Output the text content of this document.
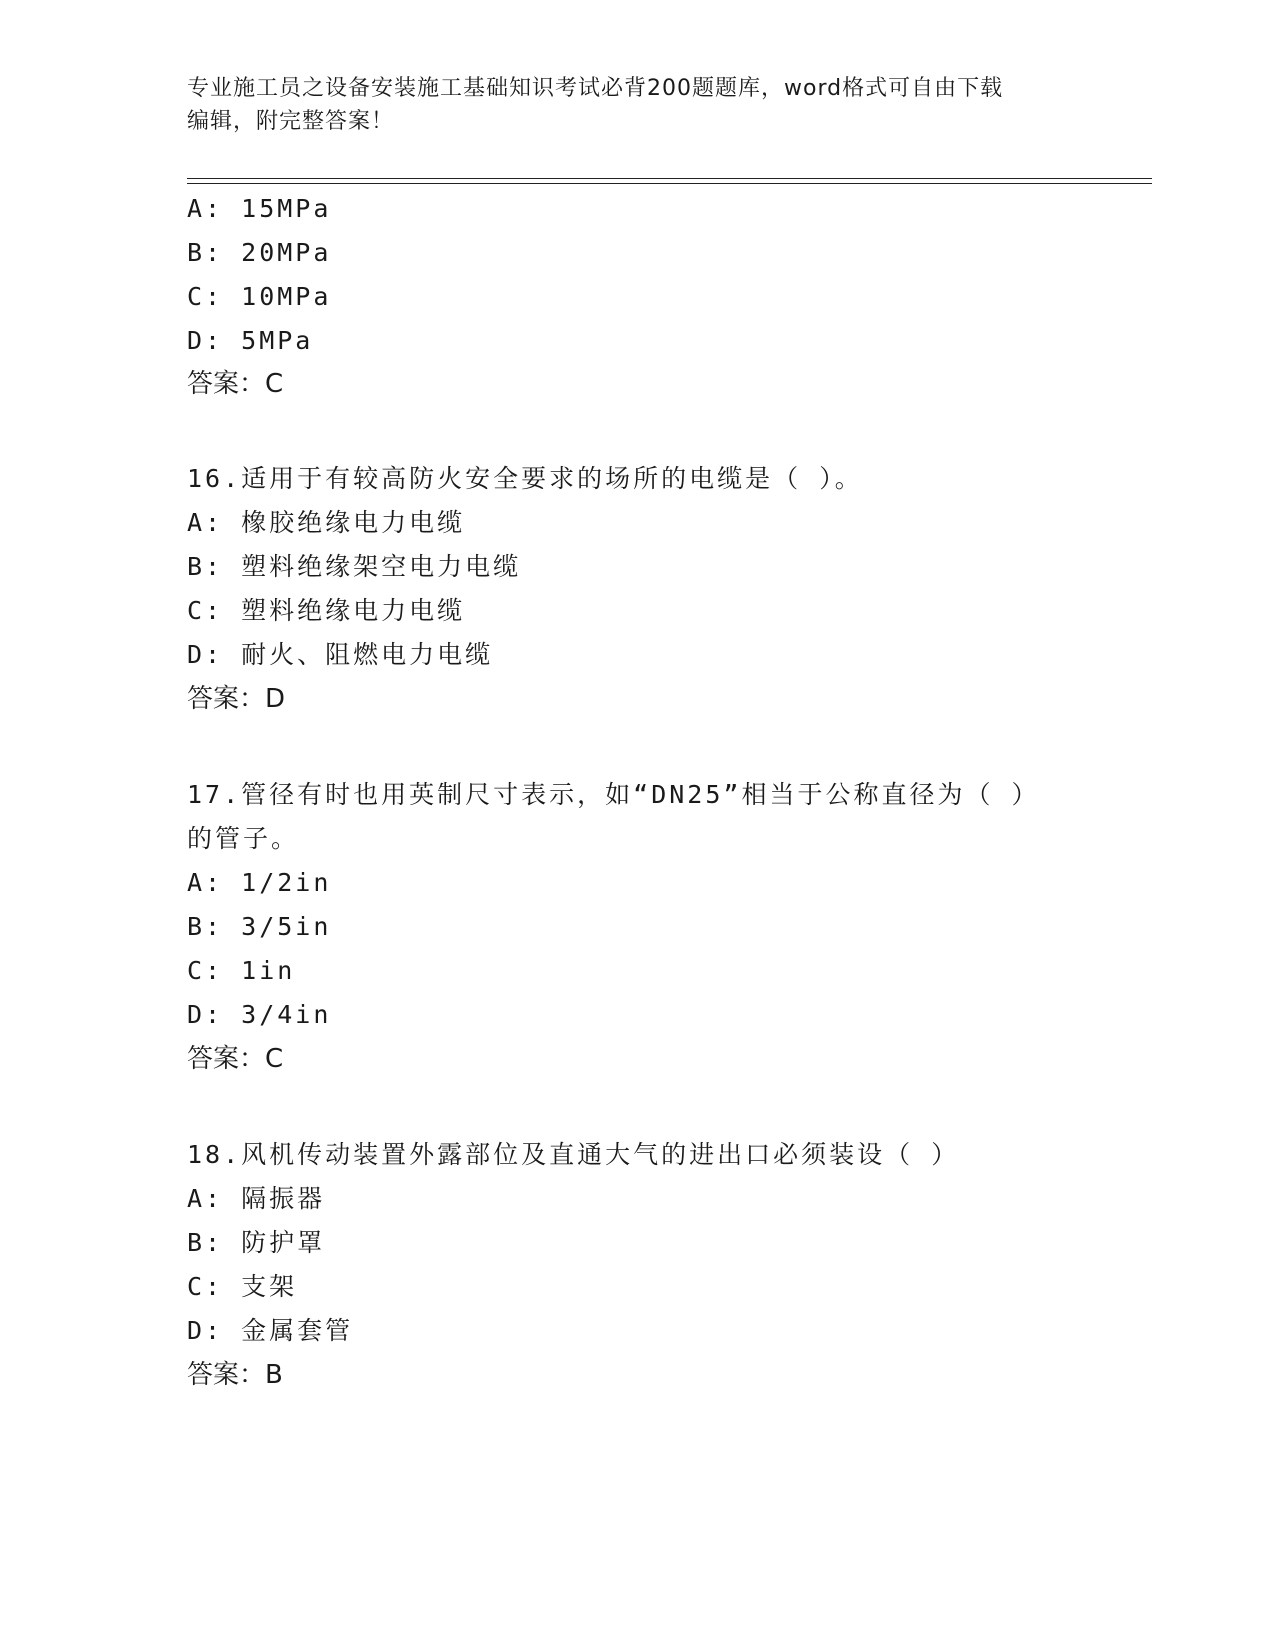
专业施工员之设备安装施工基础知识考试必背200题题库，word格式可自由下载
编辑，附完整答案！
A: 15MPa
B: 20MPa
C: 10MPa
D: 5MPa
答案：C
16.适用于有较高防火安全要求的场所的电缆是（ ）。
A: 橡胶绝缘电力电缆
B: 塑料绝缘架空电力电缆
C: 塑料绝缘电力电缆
D: 耐火、阻燃电力电缆
答案：D
17.管径有时也用英制尺寸表示，如“DN25”相当于公称直径为（ ）
的管子。
A: 1/2in
B: 3/5in
C: 1in
D: 3/4in
答案：C
18.风机传动装置外露部位及直通大气的进出口必须装设（ ）
A: 隔振器
B: 防护罩
C: 支架
D: 金属套管
答案：B
